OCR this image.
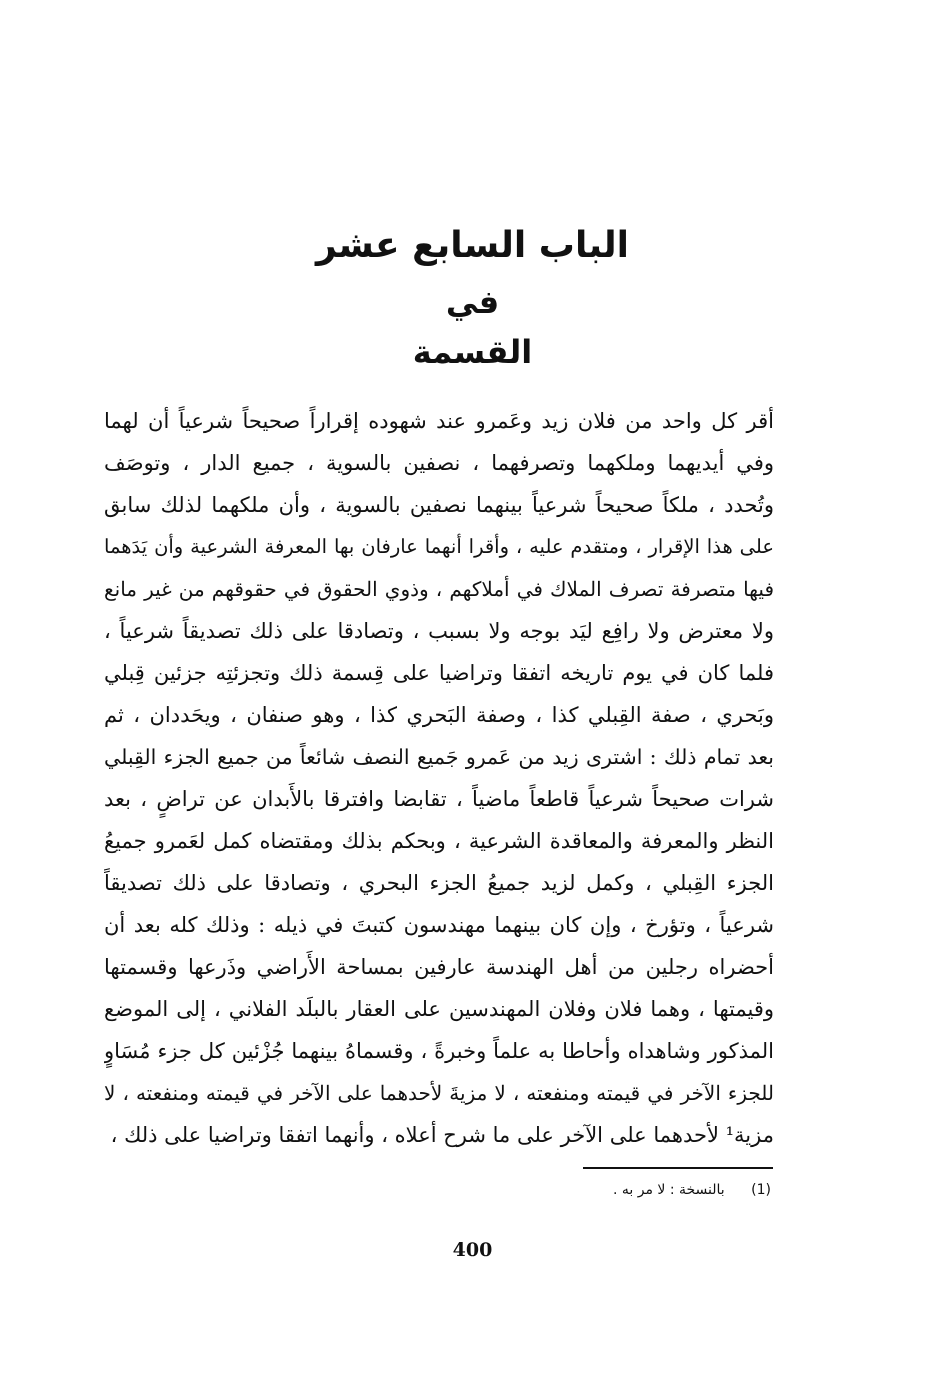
الباب السابع عشر
في
القسمة
أقر كل واحد من فلان زيد وعَمرو عند شهوده إقراراً صحيحاً شرعياً أن لهما
وفي أيديهما وملكهما وتصرفهما ، نصفين بالسوية ، جميع الدار ، وتوصَف
وتُحدد ، ملكاً صحيحاً شرعياً بينهما نصفين بالسوية ، وأن ملكهما لذلك سابق
على هذا الإقرار ، ومتقدم عليه ، وأقرا أنهما عارفان بها المعرفة الشرعية وأن يَدَهما
فيها متصرفة تصرف الملاك في أملاكهم ، وذوي الحقوق في حقوقهم من غير مانع
ولا معترض ولا رافِع ليَد بوجه ولا بسبب ، وتصادقا على ذلك تصديقاً شرعياً ،
فلما كان في يوم تاريخه اتفقا وتراضيا على قِسمة ذلك وتجزئتِه جزئين قِبلي
وبَحري ، صفة القِبلي كذا ، وصفة البَحري كذا ، وهو صنفان ، ويحَددان ، ثم
بعد تمام ذلك : اشترى زيد من عَمرو جَميع النصف شائعاً من جميع الجزء القِبلي
شرات صحيحاً شرعياً قاطعاً ماضياً ، تقابضا وافترقا بالأَبدان عن تراضٍ ، بعد
النظر والمعرفة والمعاقدة الشرعية ، وبحكم بذلك ومقتضاه كمل لعَمرو جميعُ
الجزء القِبلي ، وكمل لزيد جميعُ الجزء البحري ، وتصادقا على ذلك تصديقاً
شرعياً ، وتؤرخ ، وإن كان بينهما مهندسون كتبتَ في ذيله : وذلك كله بعد أن
أحضراه رجلين من أهل الهندسة عارفين بمساحة الأَراضي وذَرعها وقسمتها
وقيمتها ، وهما فلان وفلان المهندسين على العقار بالبلَد الفلاني ، إلى الموضع
المذكور وشاهداه وأحاطا به علماً وخبرةً ، وقسماهُ بينهما جُزْئين كل جزء مُسَاوٍ
للجزء الآخر في قيمته ومنفعته ، لا مزيةَ لأحدهما على الآخر في قيمته ومنفعته ، لا
مزية¹ لأحدهما على الآخر على ما شرح أعلاه ، وأنهما اتفقا وتراضيا على ذلك ،
(1) بالنسخة : لا مر به .
400
